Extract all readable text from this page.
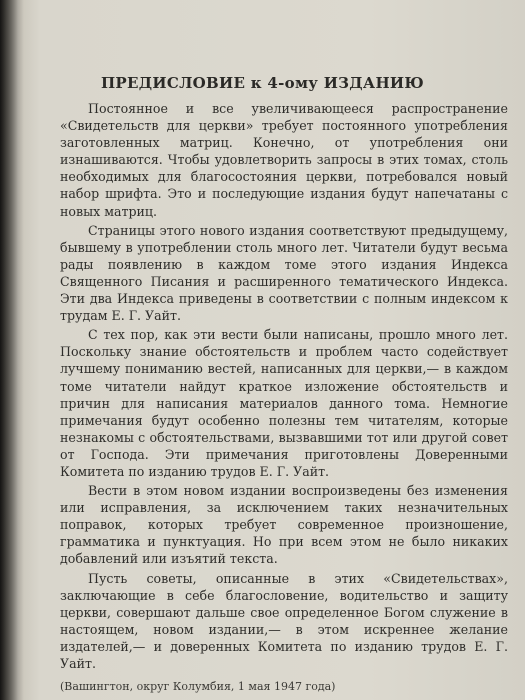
ПРЕДИСЛОВИЕ к 4-ому ИЗДАНИЮ

Постоянное и все увеличивающееся распространение «Свидетельств для церкви» требует постоянного употребления заготовленных матриц. Конечно, от употребления они изнашиваются. Чтобы удовлетворить запросы в этих томах, столь необходимых для благосостояния церкви, потребовался новый набор шрифта. Это и последующие издания будут напечатаны с новых матриц.

Страницы этого нового издания соответствуют предыдущему, бывшему в употреблении столь много лет. Читатели будут весьма рады появлению в каждом томе этого издания Индекса Священного Писания и расширенного тематического Индекса. Эти два Индекса приведены в соответствии с полным индексом к трудам Е. Г. Уайт.

С тех пор, как эти вести были написаны, прошло много лет. Поскольку знание обстоятельств и проблем часто содействует лучшему пониманию вестей, написанных для церкви,— в каждом томе читатели найдут краткое изложение обстоятельств и причин для написания материалов данного тома. Немногие примечания будут особенно полезны тем читателям, которые незнакомы с обстоятельствами, вызвавшими тот или другой совет от Господа. Эти примечания приготовлены Доверенными Комитета по изданию трудов Е. Г. Уайт.

Вести в этом новом издании воспроизведены без изменения или исправления, за исключением таких незначительных поправок, которых требует современное произношение, грамматика и пунктуация. Но при всем этом не было никаких добавлений или изъятий текста.

Пусть советы, описанные в этих «Свидетельствах», заключающие в себе благословение, водительство и защиту церкви, совершают дальше свое определенное Богом служение в настоящем, новом издании,— в этом искреннее желание издателей,— и доверенных Комитета по изданию трудов Е. Г. Уайт.

(Вашингтон, округ Колумбия, 1 мая 1947 года)
